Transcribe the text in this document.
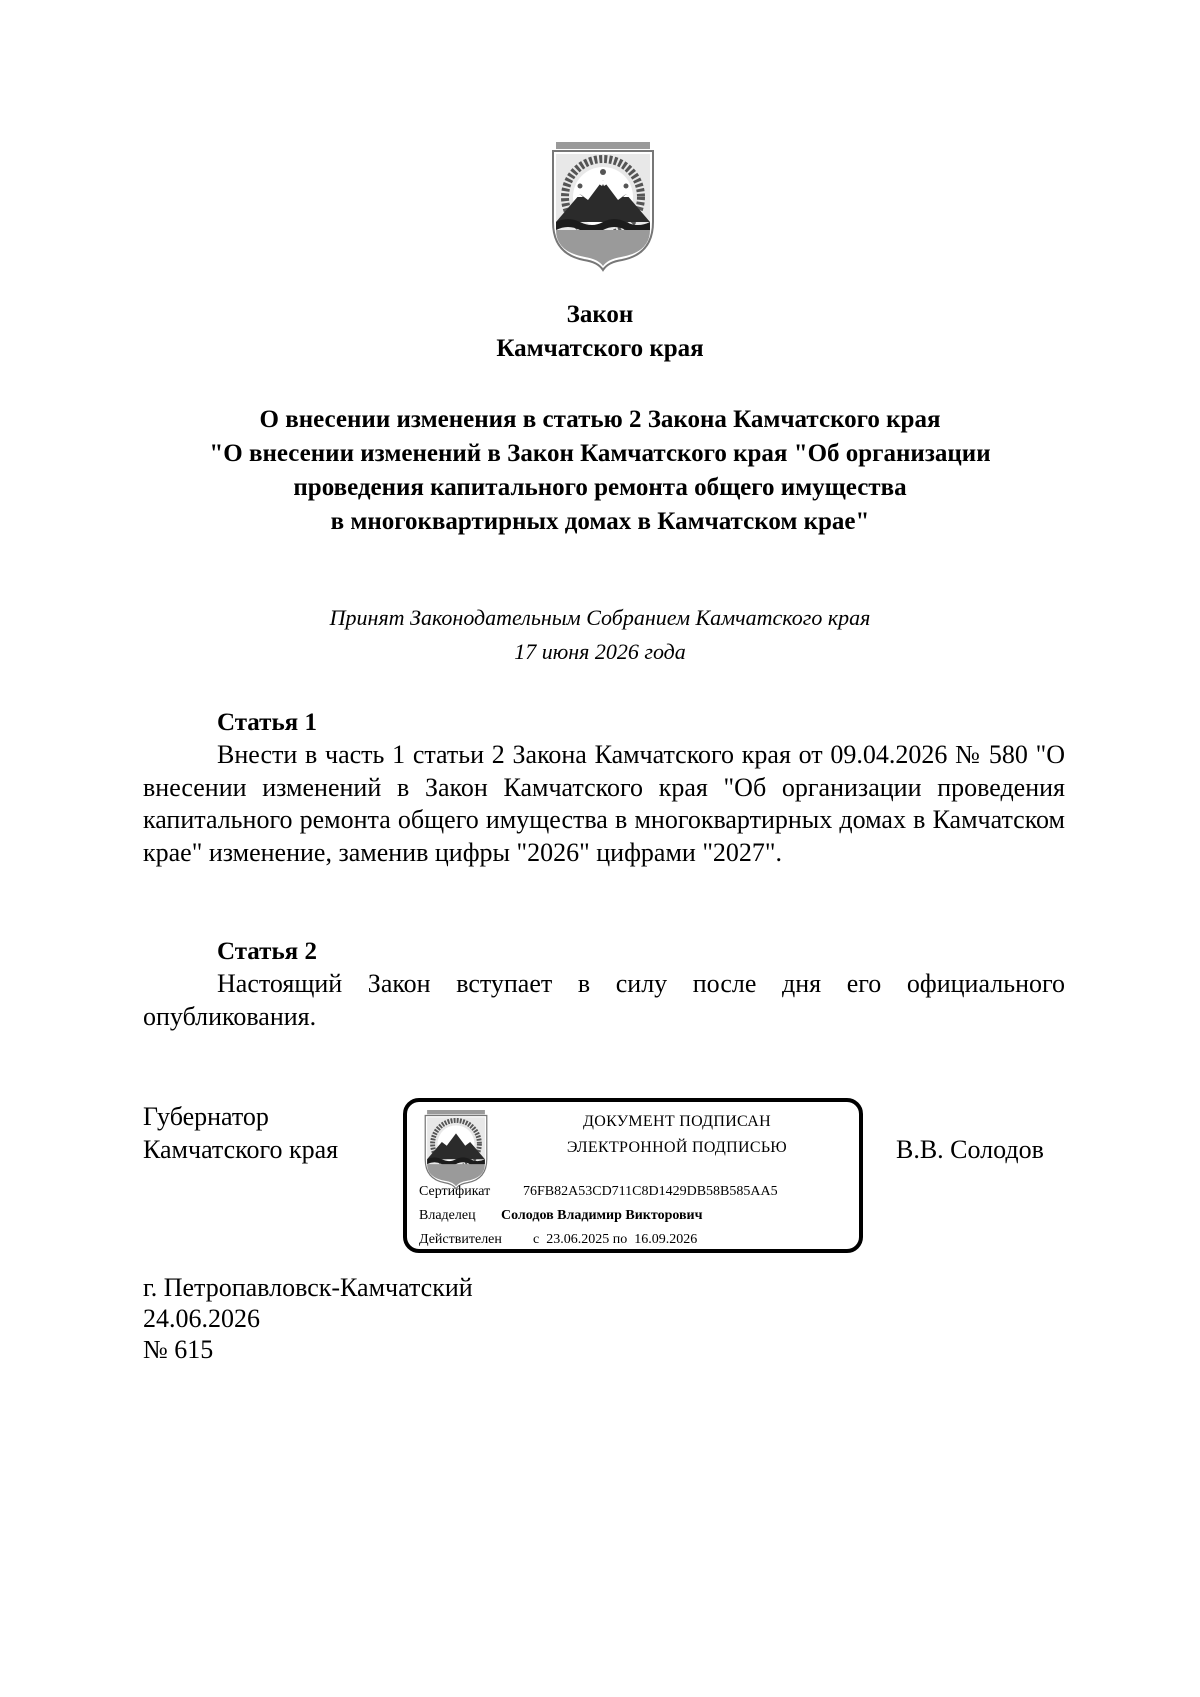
Закон
Камчатского края
О внесении изменения в статью 2 Закона Камчатского края
"О внесении изменений в Закон Камчатского края "Об организации
проведения капитального ремонта общего имущества
в многоквартирных домах в Камчатском крае"
Принят Законодательным Собранием Камчатского края
17 июня 2026 года
Статья 1
Внести в часть 1 статьи 2 Закона Камчатского края от 09.04.2026 № 580 "О внесении изменений в Закон Камчатского края "Об организации проведения капитального ремонта общего имущества в многоквартирных домах в Камчатском крае" изменение, заменив цифры "2026" цифрами "2027".
Статья 2
Настоящий Закон вступает в силу после дня его официального опубликования.
Губернатор
Камчатского края
ДОКУМЕНТ ПОДПИСАН
ЭЛЕКТРОННОЙ ПОДПИСЬЮ
Сертификат 76FB82A53CD711C8D1429DB58B585AA5
Владелец Солодов Владимир Викторович
Действителен с 23.06.2025 по 16.09.2026
В.В. Солодов
г. Петропавловск-Камчатский
24.06.2026
№ 615
